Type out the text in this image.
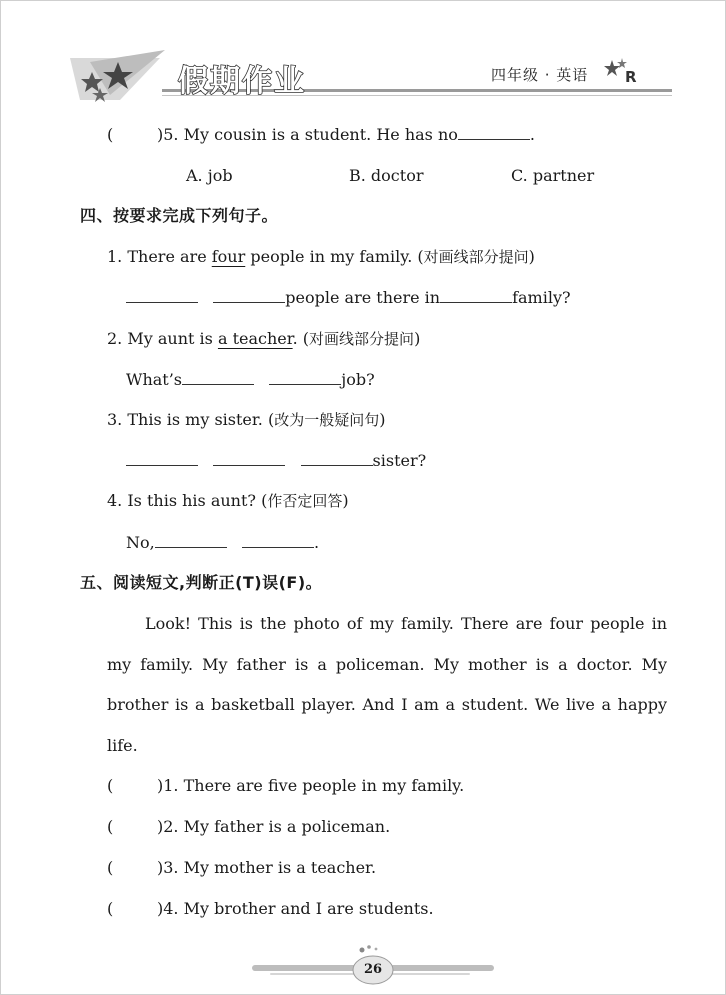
假期作业	四年级 · 英语 R
(	)5. My cousin is a student. He has no	.
A. job	B. doctor	C. partner
四、按要求完成下列句子。
1. There are four people in my family. (对画线部分提问)
people are there in	family?
2. My aunt is a teacher. (对画线部分提问)
What’s	job?
3. This is my sister. (改为一般疑问句)
sister?
4. Is this his aunt? (作否定回答)
No,	.
五、阅读短文,判断正(T)误(F)。
Look! This is the photo of my family. There are four people in my family. My father is a policeman. My mother is a doctor. My brother is a basketball player. And I am a student. We live a happy life.
(	)1. There are five people in my family.
(	)2. My father is a policeman.
(	)3. My mother is a teacher.
(	)4. My brother and I are students.
26
